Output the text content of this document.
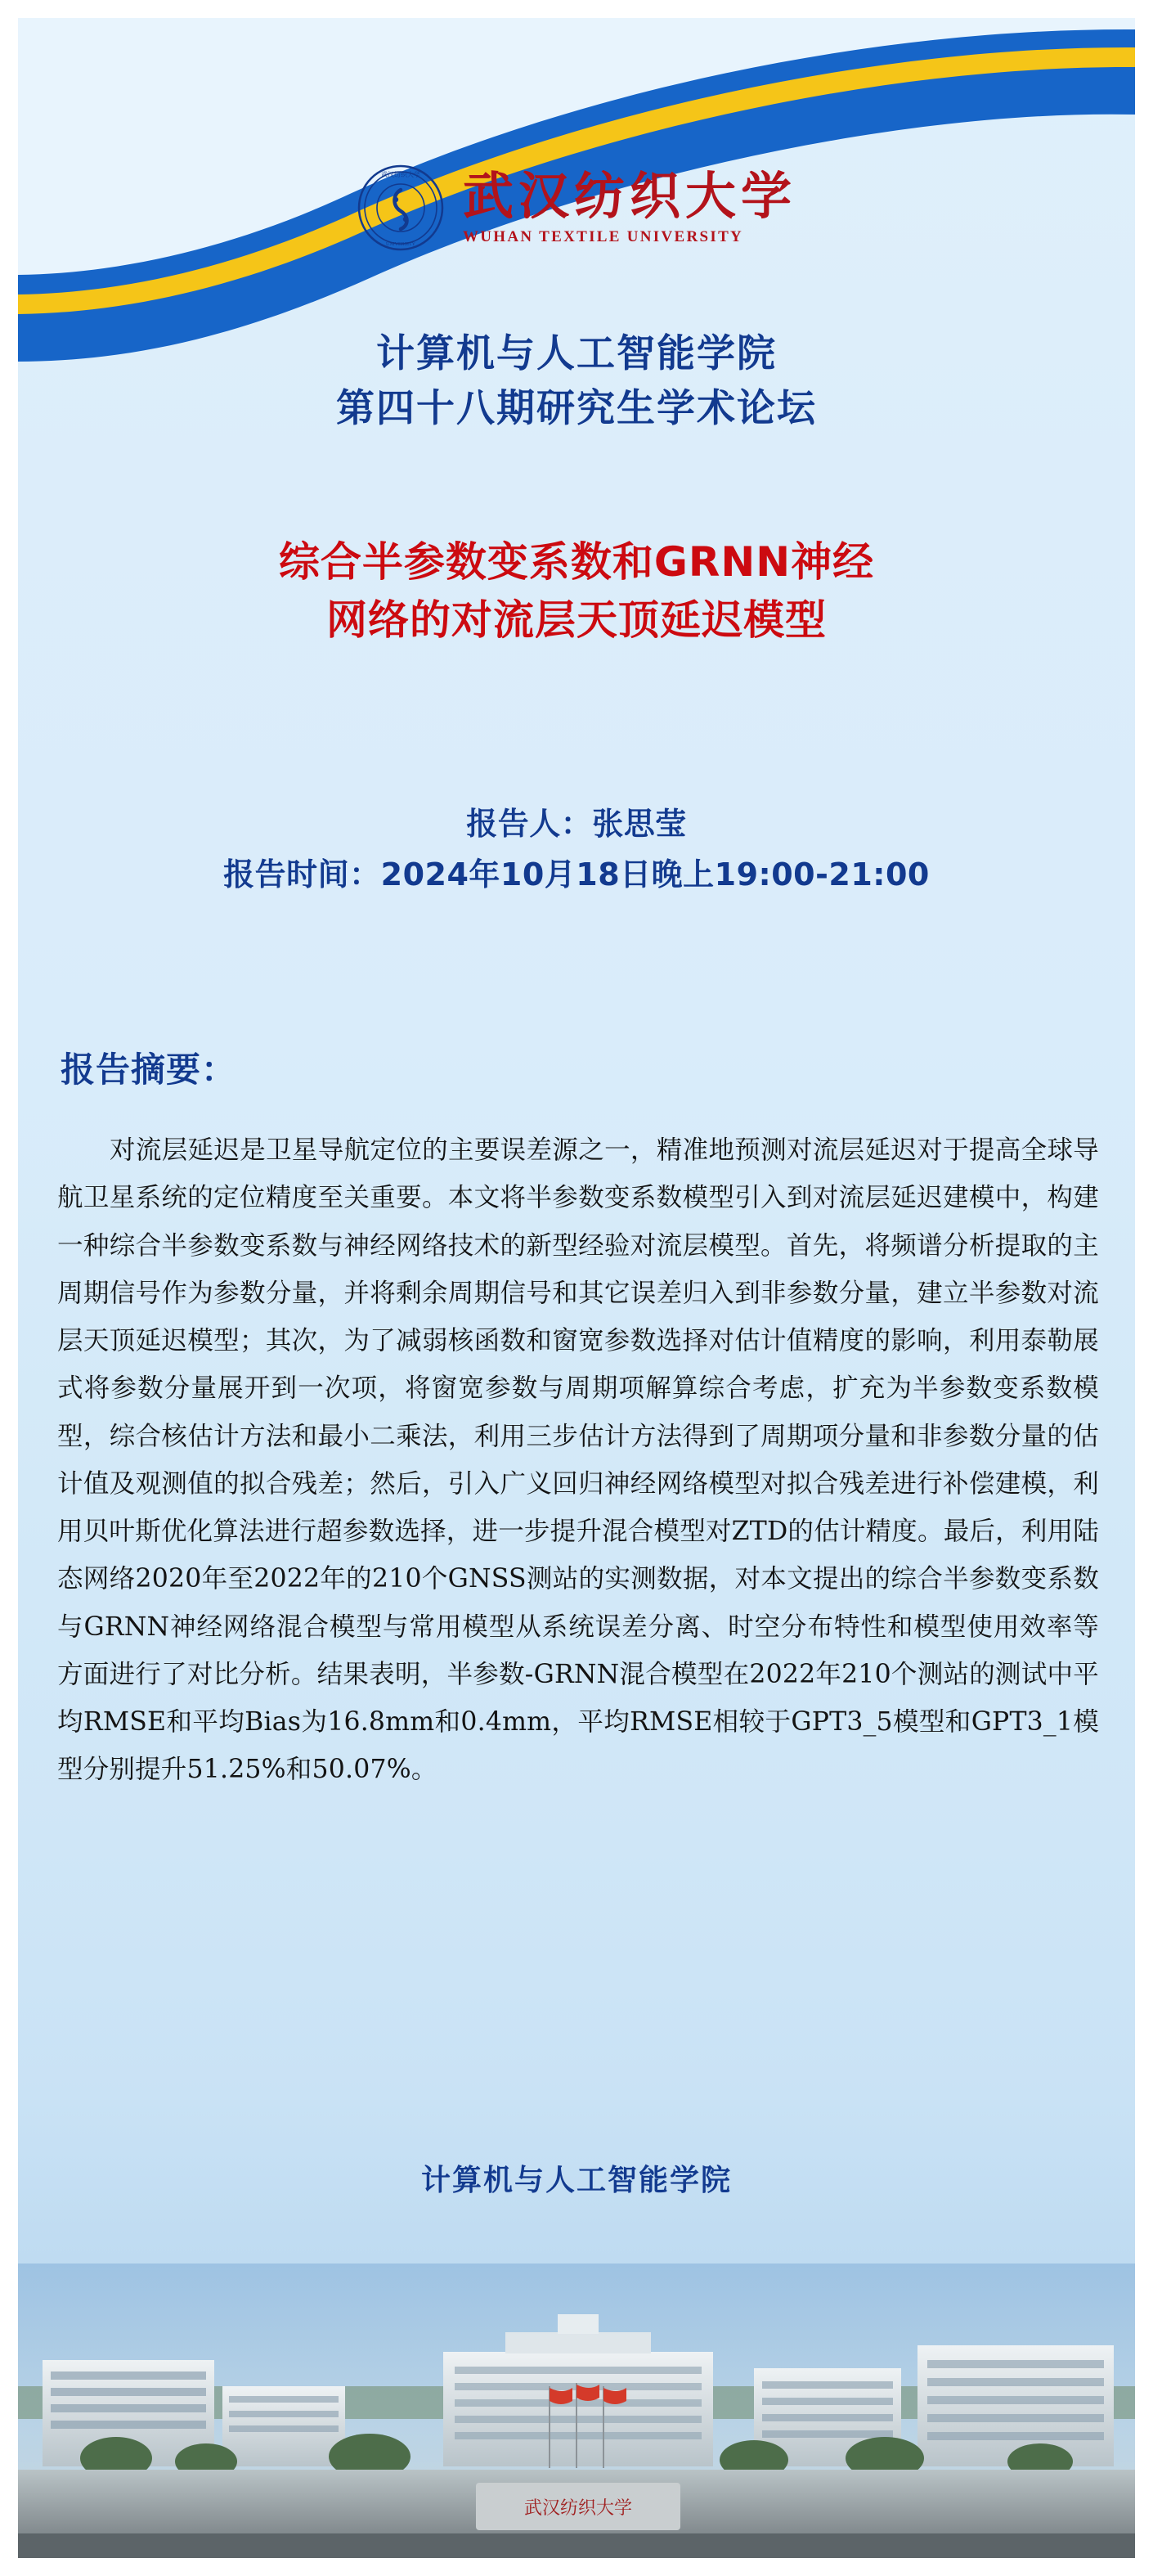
武汉纺织大学
UNIVERSITY
武汉纺织大学
WUHAN TEXTILE UNIVERSITY
计算机与人工智能学院
第四十八期研究生学术论坛
综合半参数变系数和GRNN神经
网络的对流层天顶延迟模型
报告人：张思莹
报告时间：2024年10月18日晚上19:00-21:00
报告摘要：
对流层延迟是卫星导航定位的主要误差源之一，精准地预测对流层延迟对于提高全球导航卫星系统的定位精度至关重要。本文将半参数变系数模型引入到对流层延迟建模中，构建一种综合半参数变系数与神经网络技术的新型经验对流层模型。首先，将频谱分析提取的主周期信号作为参数分量，并将剩余周期信号和其它误差归入到非参数分量，建立半参数对流层天顶延迟模型；其次，为了减弱核函数和窗宽参数选择对估计值精度的影响，利用泰勒展式将参数分量展开到一次项，将窗宽参数与周期项解算综合考虑，扩充为半参数变系数模型，综合核估计方法和最小二乘法，利用三步估计方法得到了周期项分量和非参数分量的估计值及观测值的拟合残差；然后，引入广义回归神经网络模型对拟合残差进行补偿建模，利用贝叶斯优化算法进行超参数选择，进一步提升混合模型对ZTD的估计精度。最后，利用陆态网络2020年至2022年的210个GNSS测站的实测数据，对本文提出的综合半参数变系数与GRNN神经网络混合模型与常用模型从系统误差分离、时空分布特性和模型使用效率等方面进行了对比分析。结果表明，半参数-GRNN混合模型在2022年210个测站的测试中平均RMSE和平均Bias为16.8mm和0.4mm，平均RMSE相较于GPT3_5模型和GPT3_1模型分别提升51.25%和50.07%。
计算机与人工智能学院
武汉纺织大学
